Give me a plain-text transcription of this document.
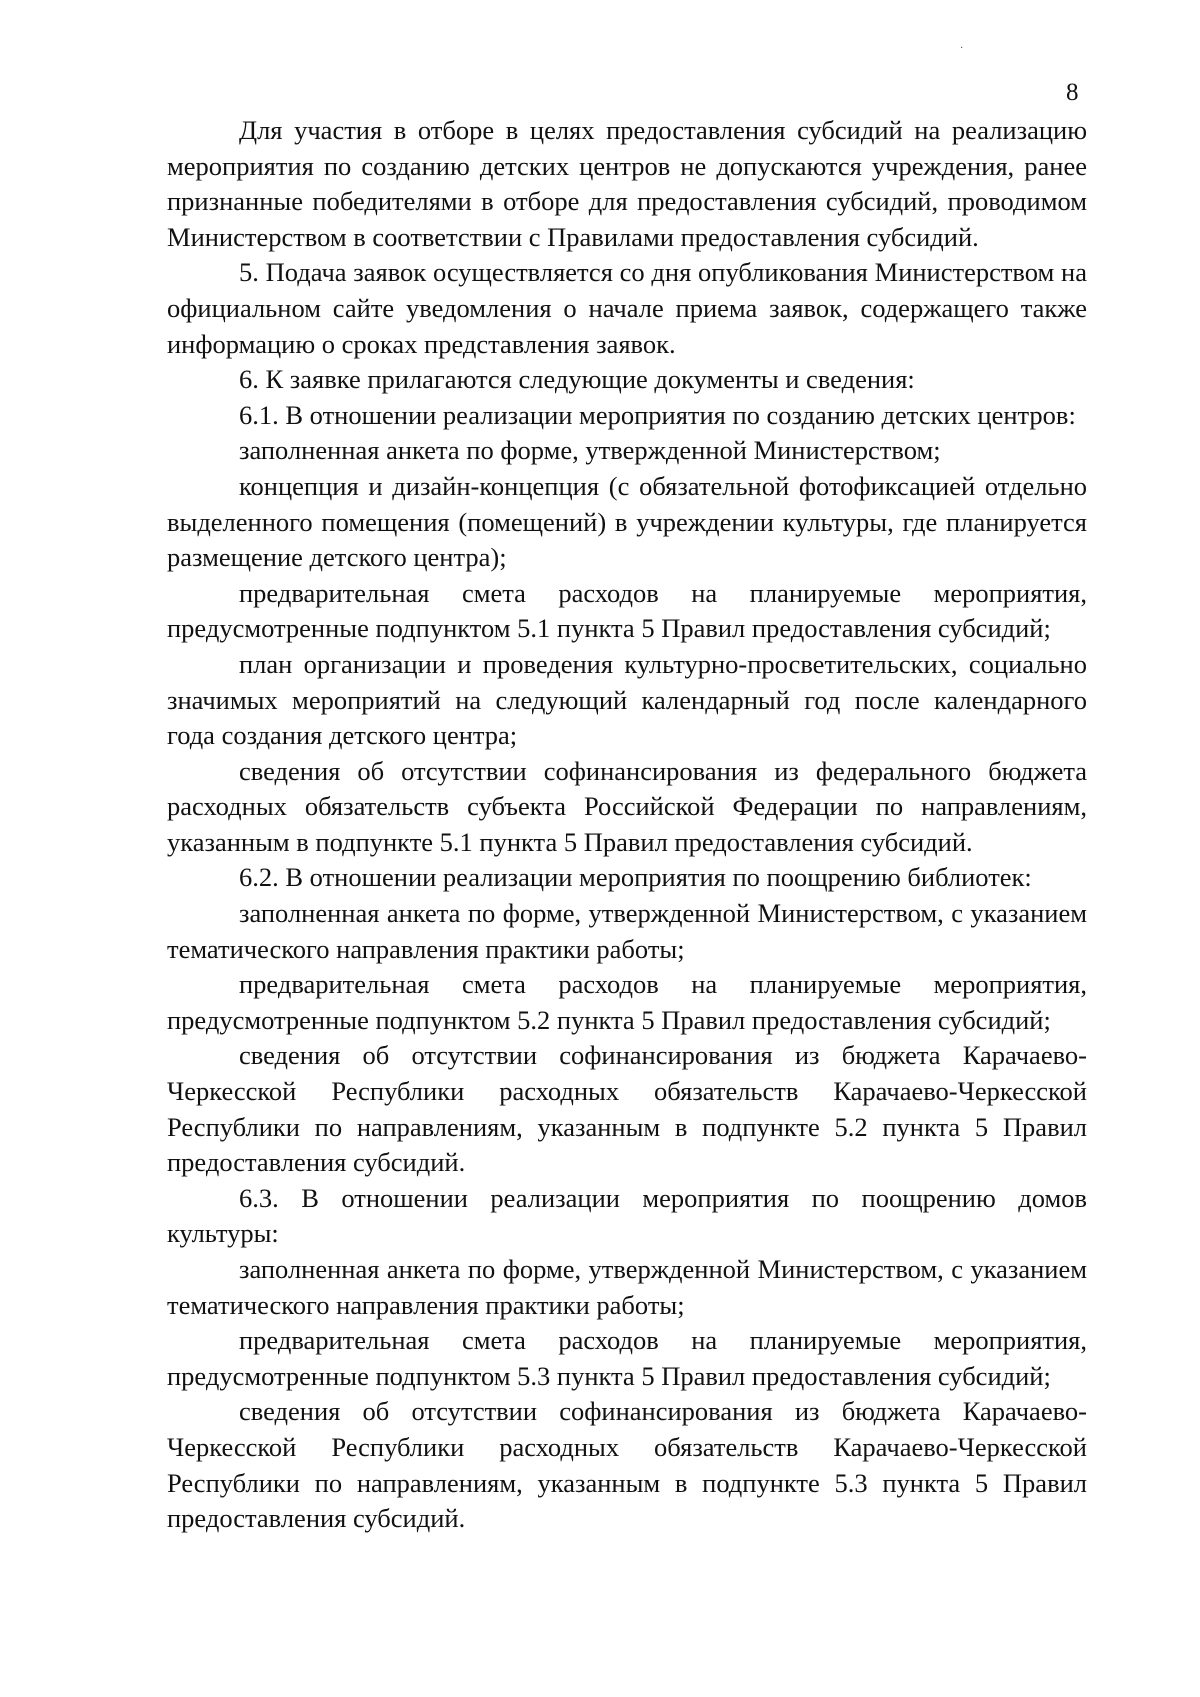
·
8

Для участия в отборе в целях предоставления субсидий на реализацию мероприятия по созданию детских центров не допускаются учреждения, ранее признанные победителями в отборе для предоставления субсидий, проводимом Министерством в соответствии с Правилами предоставления субсидий.

5. Подача заявок осуществляется со дня опубликования Министерством на официальном сайте уведомления о начале приема заявок, содержащего также информацию о сроках представления заявок.

6. К заявке прилагаются следующие документы и сведения:

6.1. В отношении реализации мероприятия по созданию детских центров:

заполненная анкета по форме, утвержденной Министерством;

концепция и дизайн-концепция (с обязательной фотофиксацией отдельно выделенного помещения (помещений) в учреждении культуры, где планируется размещение детского центра);

предварительная смета расходов на планируемые мероприятия, предусмотренные подпунктом 5.1 пункта 5 Правил предоставления субсидий;

план организации и проведения культурно-просветительских, социально значимых мероприятий на следующий календарный год после календарного года создания детского центра;

сведения об отсутствии софинансирования из федерального бюджета расходных обязательств субъекта Российской Федерации по направлениям, указанным в подпункте 5.1 пункта 5 Правил предоставления субсидий.

6.2. В отношении реализации мероприятия по поощрению библиотек:

заполненная анкета по форме, утвержденной Министерством, с указанием тематического направления практики работы;

предварительная смета расходов на планируемые мероприятия, предусмотренные подпунктом 5.2 пункта 5 Правил предоставления субсидий;

сведения об отсутствии софинансирования из бюджета Карачаево-Черкесской Республики расходных обязательств Карачаево-Черкесской Республики по направлениям, указанным в подпункте 5.2 пункта 5 Правил предоставления субсидий.

6.3. В отношении реализации мероприятия по поощрению домов культуры:

заполненная анкета по форме, утвержденной Министерством, с указанием тематического направления практики работы;

предварительная смета расходов на планируемые мероприятия, предусмотренные подпунктом 5.3 пункта 5 Правил предоставления субсидий;

сведения об отсутствии софинансирования из бюджета Карачаево-Черкесской Республики расходных обязательств Карачаево-Черкесской Республики по направлениям, указанным в подпункте 5.3 пункта 5 Правил предоставления субсидий.
